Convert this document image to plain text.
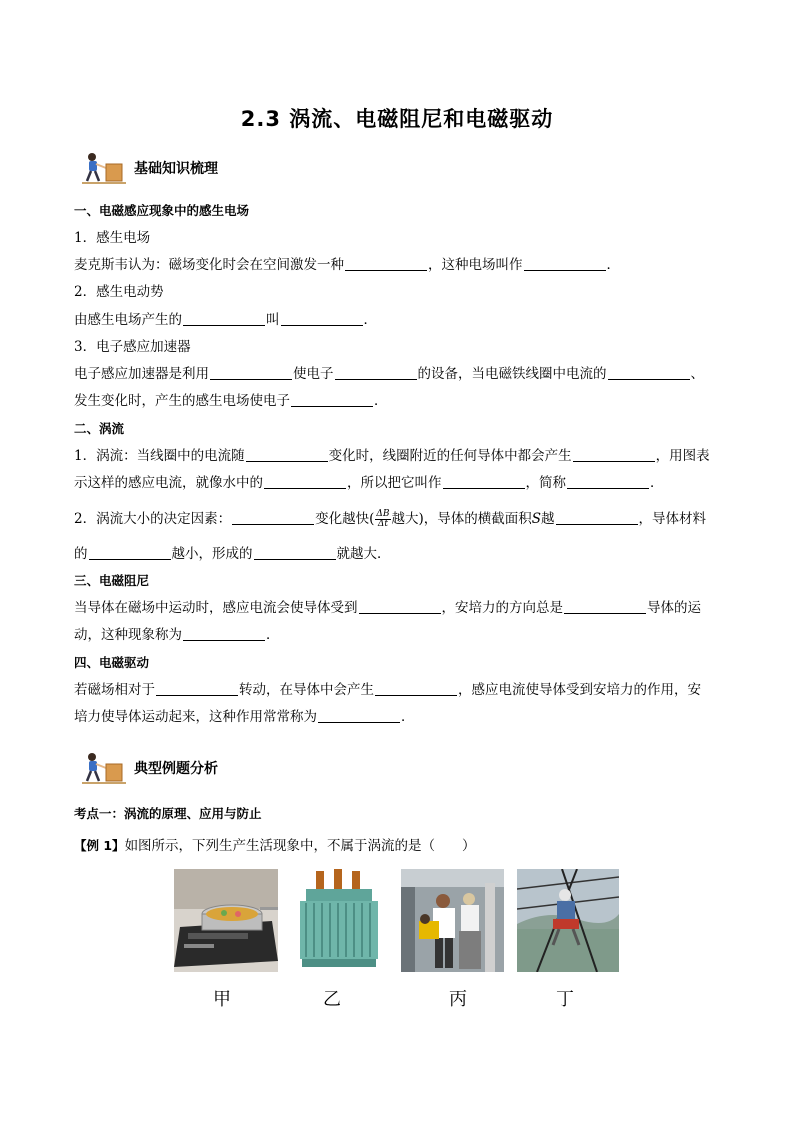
2.3 涡流、电磁阻尼和电磁驱动
基础知识梳理
一、电磁感应现象中的感生电场
1．感生电场
麦克斯韦认为：磁场变化时会在空间激发一种	，这种电场叫作	．
2．感生电动势
由感生电场产生的	叫	．
3．电子感应加速器
电子感应加速器是利用	使电子	的设备，当电磁铁线圈中电流的	、
发生变化时，产生的感生电场使电子	．
二、涡流
1．涡流：当线圈中的电流随	变化时，线圈附近的任何导体中都会产生	，用图表
示这样的感应电流，就像水中的	，所以把它叫作	，简称	．
2．涡流大小的决定因素：	变化越快( $\frac{\Delta B}{\Delta t}$ 越大)，导体的横截面积S越	，导体材料
的	越小，形成的	就越大．
三、电磁阻尼
当导体在磁场中运动时，感应电流会使导体受到	，安培力的方向总是	导体的运
动，这种现象称为	．
四、电磁驱动
若磁场相对于	转动，在导体中会产生	，感应电流使导体受到安培力的作用，安
培力使导体运动起来，这种作用常常称为	．
典型例题分析
考点一：涡流的原理、应用与防止
【例 1】如图所示，下列生产生活现象中，不属于涡流的是（　　）
甲	乙	丙	丁
